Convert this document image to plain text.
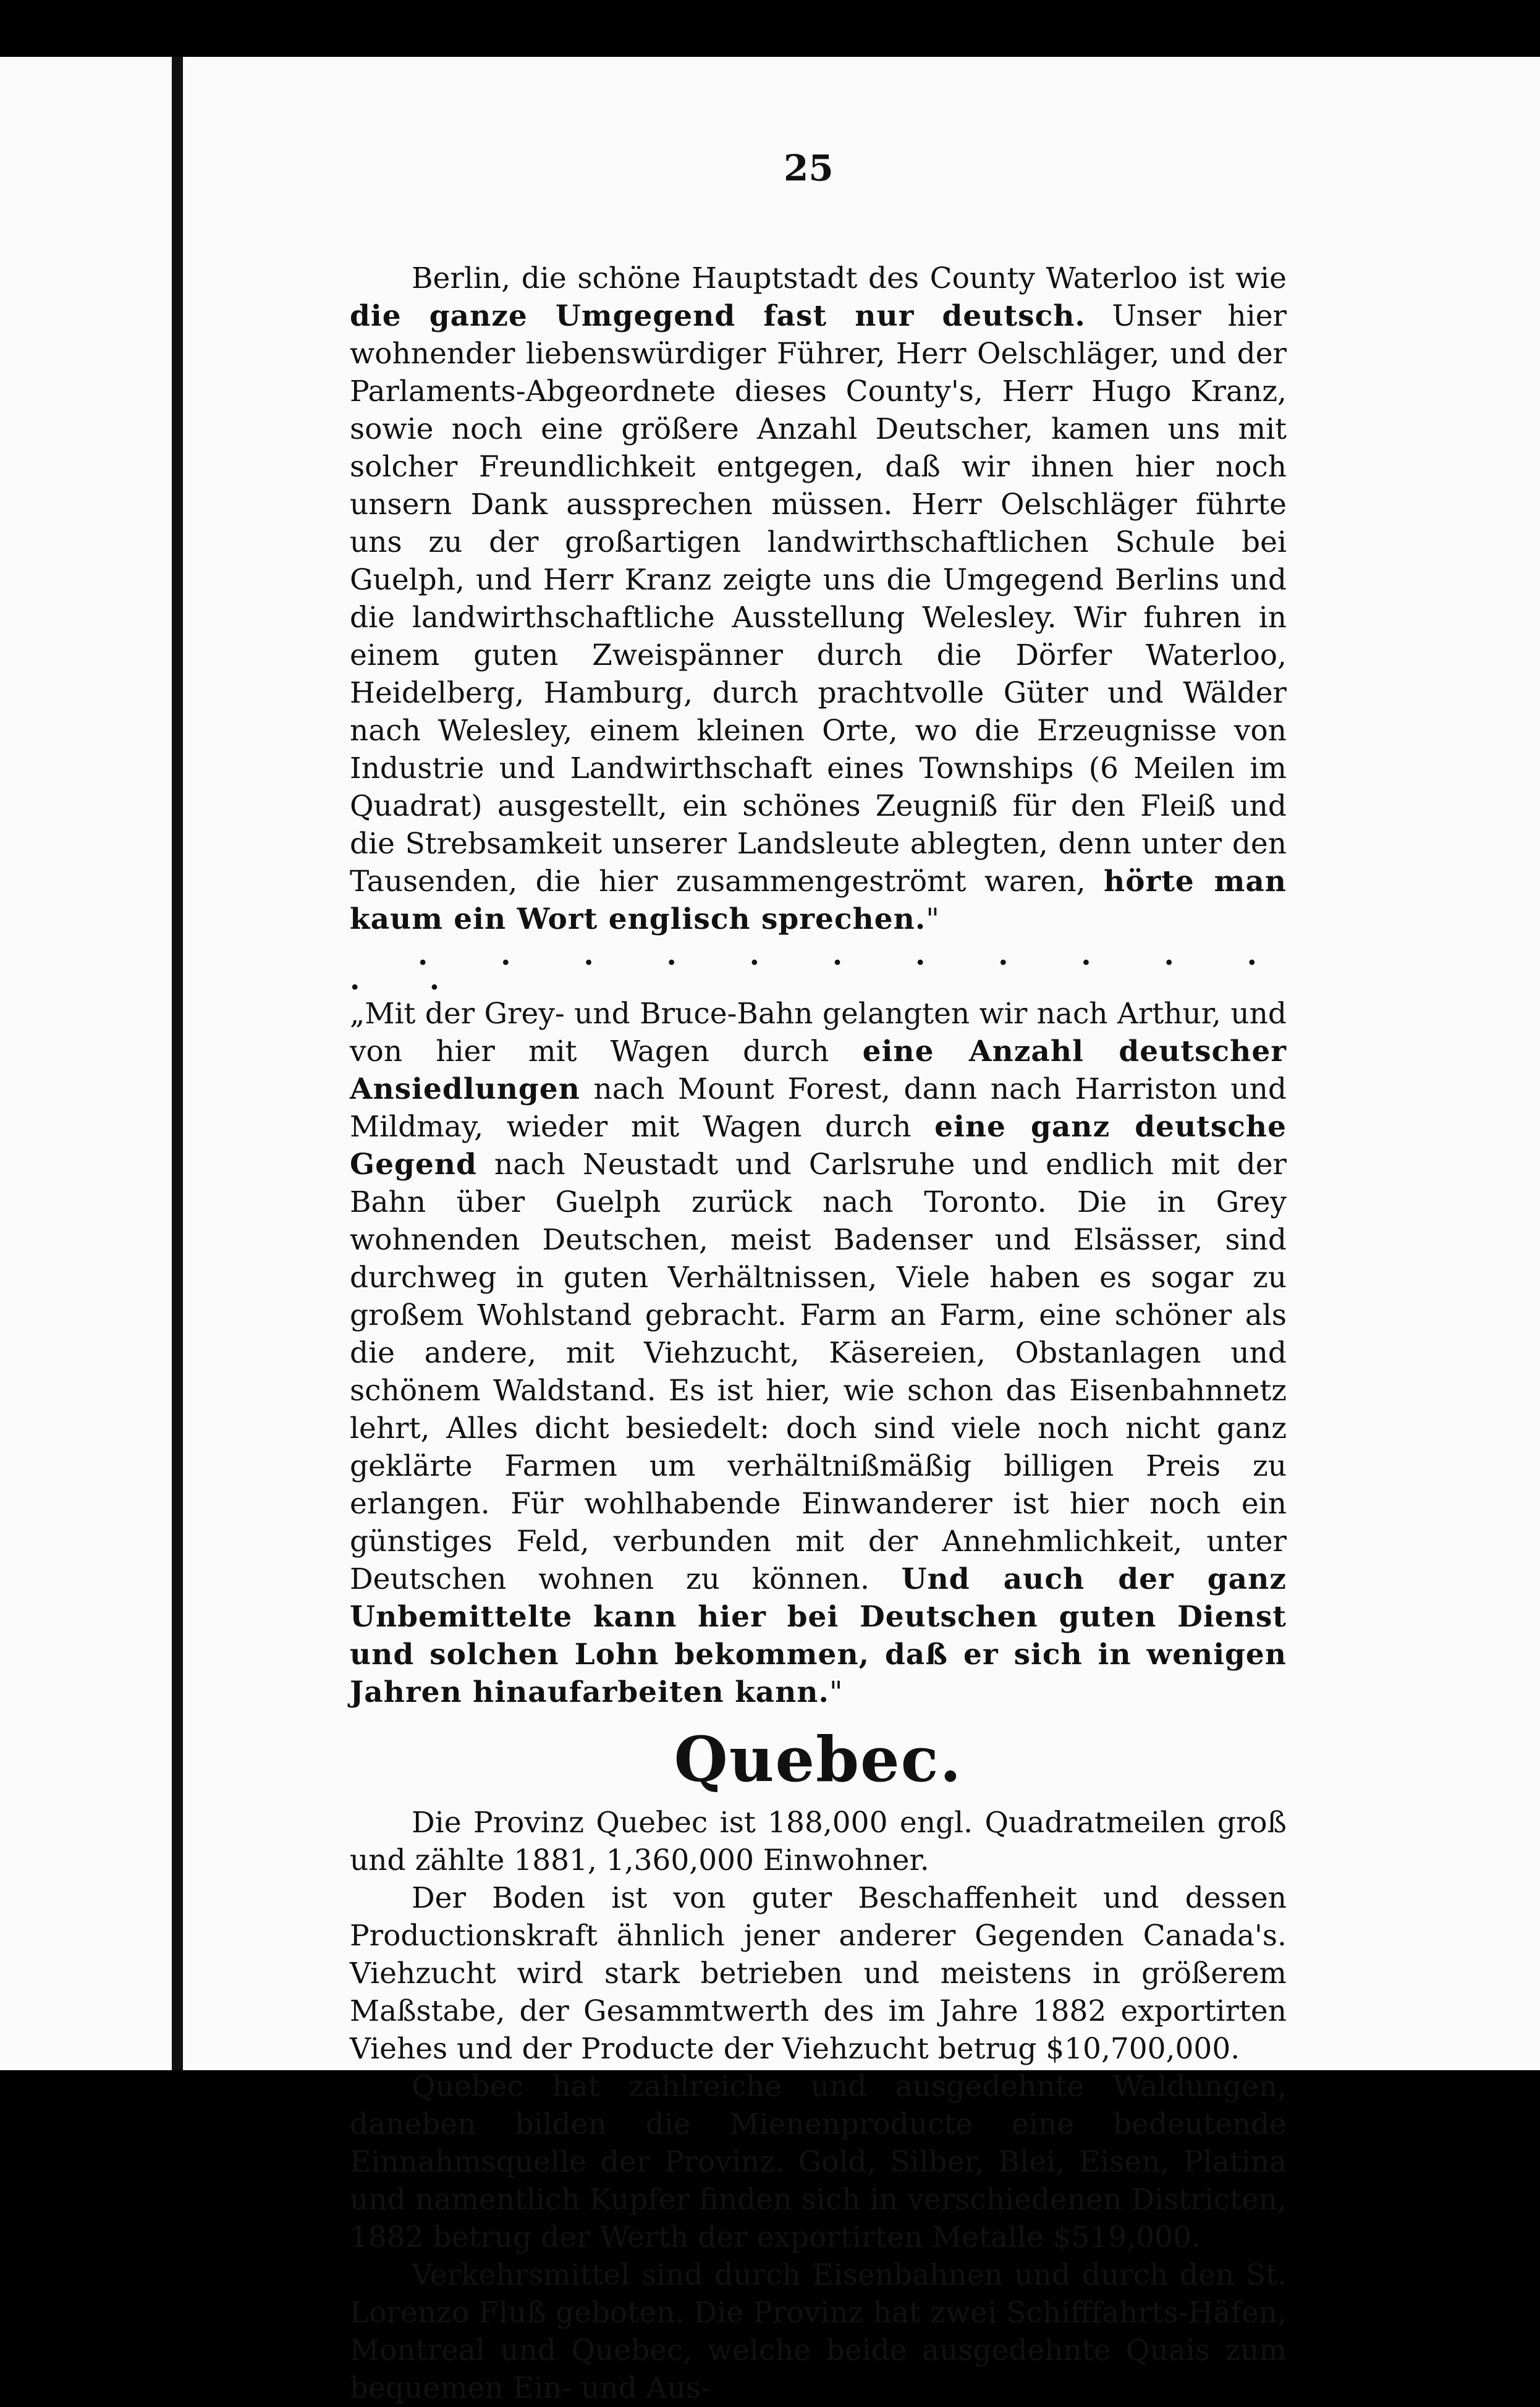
25

Berlin, die schöne Hauptstadt des County Waterloo ist wie die ganze Umgegend fast nur deutsch. Unser hier wohnender liebenswürdiger Führer, Herr Oelschläger, und der Parlaments-Abgeordnete dieses County's, Herr Hugo Kranz, sowie noch eine größere Anzahl Deutscher, kamen uns mit solcher Freundlichkeit entgegen, daß wir ihnen hier noch unsern Dank aussprechen müssen. Herr Oelschläger führte uns zu der großartigen landwirthschaftlichen Schule bei Guelph, und Herr Kranz zeigte uns die Umgegend Berlins und die landwirthschaftliche Ausstellung Welesley. Wir fuhren in einem guten Zweispänner durch die Dörfer Waterloo, Heidelberg, Hamburg, durch prachtvolle Güter und Wälder nach Welesley, einem kleinen Orte, wo die Erzeugnisse von Industrie und Landwirthschaft eines Townships (6 Meilen im Quadrat) ausgestellt, ein schönes Zeugniß für den Fleiß und die Strebsamkeit unserer Landsleute ablegten, denn unter den Tausenden, die hier zusammengeströmt waren, hörte man kaum ein Wort englisch sprechen."

. . . . . . . . . . . . .

„Mit der Grey- und Bruce-Bahn gelangten wir nach Arthur, und von hier mit Wagen durch eine Anzahl deutscher Ansiedlungen nach Mount Forest, dann nach Harriston und Mildmay, wieder mit Wagen durch eine ganz deutsche Gegend nach Neustadt und Carlsruhe und endlich mit der Bahn über Guelph zurück nach Toronto. Die in Grey wohnenden Deutschen, meist Badenser und Elsässer, sind durchweg in guten Verhältnissen, Viele haben es sogar zu großem Wohlstand gebracht. Farm an Farm, eine schöner als die andere, mit Viehzucht, Käsereien, Obstanlagen und schönem Waldstand. Es ist hier, wie schon das Eisenbahnnetz lehrt, Alles dicht besiedelt: doch sind viele noch nicht ganz geklärte Farmen um verhältnißmäßig billigen Preis zu erlangen. Für wohlhabende Einwanderer ist hier noch ein günstiges Feld, verbunden mit der Annehmlichkeit, unter Deutschen wohnen zu können. Und auch der ganz Unbemittelte kann hier bei Deutschen guten Dienst und solchen Lohn bekommen, daß er sich in wenigen Jahren hinaufarbeiten kann."

Quebec.

Die Provinz Quebec ist 188,000 engl. Quadratmeilen groß und zählte 1881, 1,360,000 Einwohner.

Der Boden ist von guter Beschaffenheit und dessen Productionskraft ähnlich jener anderer Gegenden Canada's. Viehzucht wird stark betrieben und meistens in größerem Maßstabe, der Gesammtwerth des im Jahre 1882 exportirten Viehes und der Producte der Viehzucht betrug $10,700,000.

Quebec hat zahlreiche und ausgedehnte Waldungen, daneben bilden die Mienenproducte eine bedeutende Einnahmsquelle der Provinz. Gold, Silber, Blei, Eisen, Platina und namentlich Kupfer finden sich in verschiedenen Districten, 1882 betrug der Werth der exportirten Metalle $519,000.

Verkehrsmittel sind durch Eisenbahnen und durch den St. Lorenzo Fluß geboten. Die Provinz hat zwei Schifffahrts-Häfen, Montreal und Quebec, welche beide ausgedehnte Quais zum bequemen Ein- und Aus-
